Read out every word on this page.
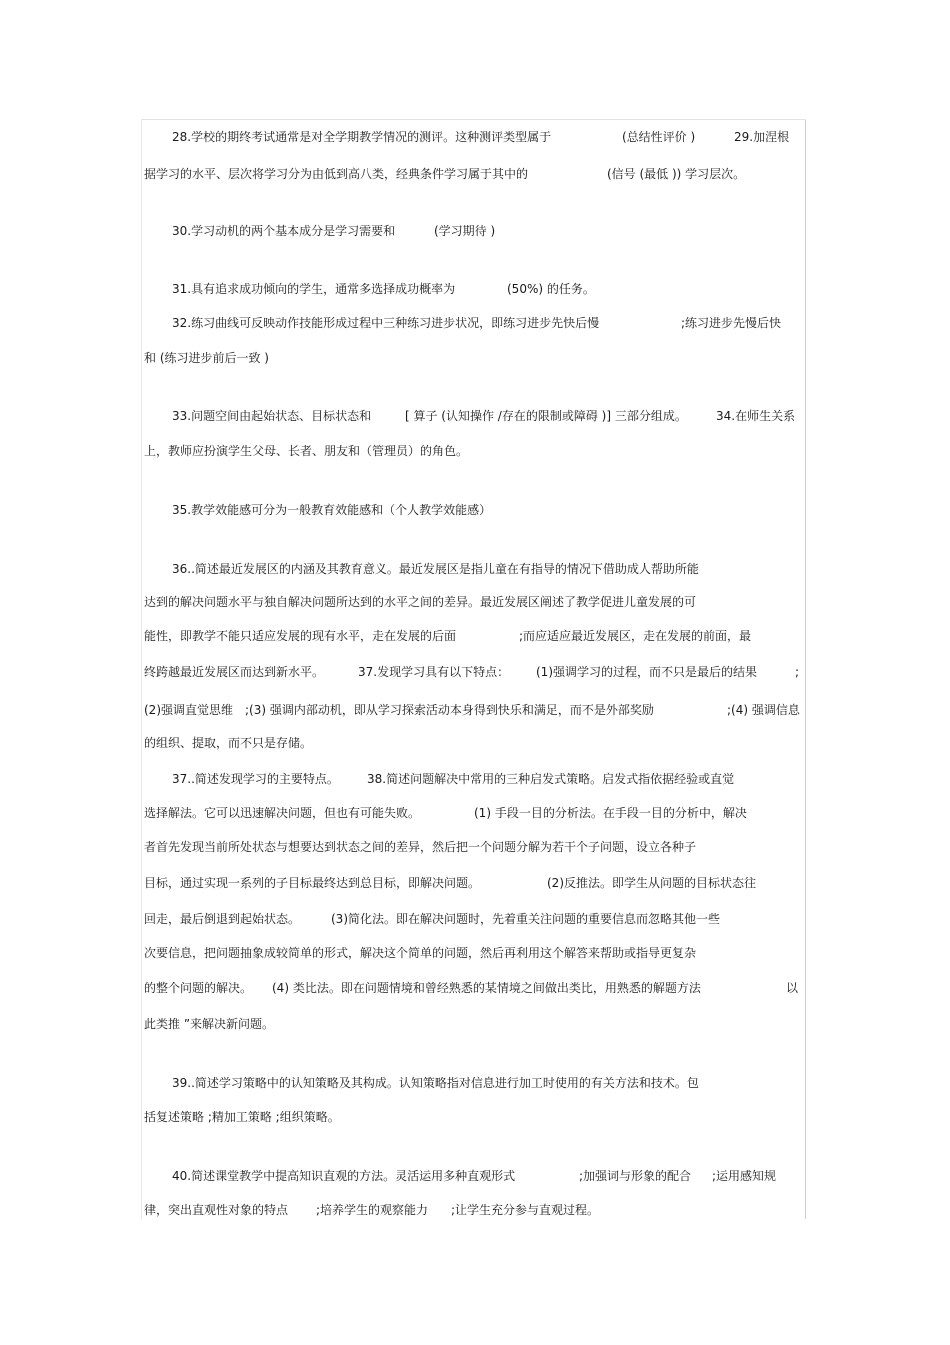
28.学校的期终考试通常是对全学期教学情况的测评。这种测评类型属于	(总结性评价 )	29.加涅根
据学习的水平、层次将学习分为由低到高八类，经典条件学习属于其中的	(信号 (最低 )) 学习层次。
30.学习动机的两个基本成分是学习需要和	(学习期待 )
31.具有追求成功倾向的学生，通常多选择成功概率为	(50%) 的任务。
32.练习曲线可反映动作技能形成过程中三种练习进步状况，即练习进步先快后慢	;练习进步先慢后快
和 (练习进步前后一致 )
33.问题空间由起始状态、目标状态和	[ 算子 (认知操作 /存在的限制或障碍 )] 三部分组成。 34.在师生关系
上，教师应扮演学生父母、长者、朋友和（管理员）的角色。
35.教学效能感可分为一般教育效能感和（个人教学效能感）
36..简述最近发展区的内涵及其教育意义。最近发展区是指儿童在有指导的情况下借助成人帮助所能
达到的解决问题水平与独自解决问题所达到的水平之间的差异。最近发展区阐述了教学促进儿童发展的可
能性，即教学不能只适应发展的现有水平，走在发展的后面	;而应适应最近发展区，走在发展的前面，最
终跨越最近发展区而达到新水平。	37.发现学习具有以下特点： (1)强调学习的过程，而不只是最后的结果	;
(2)强调直觉思维 ;(3) 强调内部动机，即从学习探索活动本身得到快乐和满足，而不是外部奖励	;(4) 强调信息
的组织、提取，而不只是存储。
37..简述发现学习的主要特点。 38.简述问题解决中常用的三种启发式策略。启发式指依据经验或直觉
选择解法。它可以迅速解决问题，但也有可能失败。	(1) 手段一目的分析法。在手段一目的分析中，解决
者首先发现当前所处状态与想要达到状态之间的差异，然后把一个问题分解为若干个子问题，设立各种子
目标，通过实现一系列的子目标最终达到总目标，即解决问题。	(2)反推法。即学生从问题的目标状态往
回走，最后倒退到起始状态。	(3)简化法。即在解决问题时，先着重关注问题的重要信息而忽略其他一些
次要信息，把问题抽象成较简单的形式，解决这个简单的问题，然后再利用这个解答来帮助或指导更复杂
的整个问题的解决。 (4) 类比法。即在问题情境和曾经熟悉的某情境之间做出类比，用熟悉的解题方法	以
此类推 ”来解决新问题。
39..简述学习策略中的认知策略及其构成。认知策略指对信息进行加工时使用的有关方法和技术。包
括复述策略 ;精加工策略 ;组织策略。
40.简述课堂教学中提高知识直观的方法。灵活运用多种直观形式	;加强词与形象的配合 ;运用感知规
律，突出直观性对象的特点 ;培养学生的观察能力 ;让学生充分参与直观过程。
